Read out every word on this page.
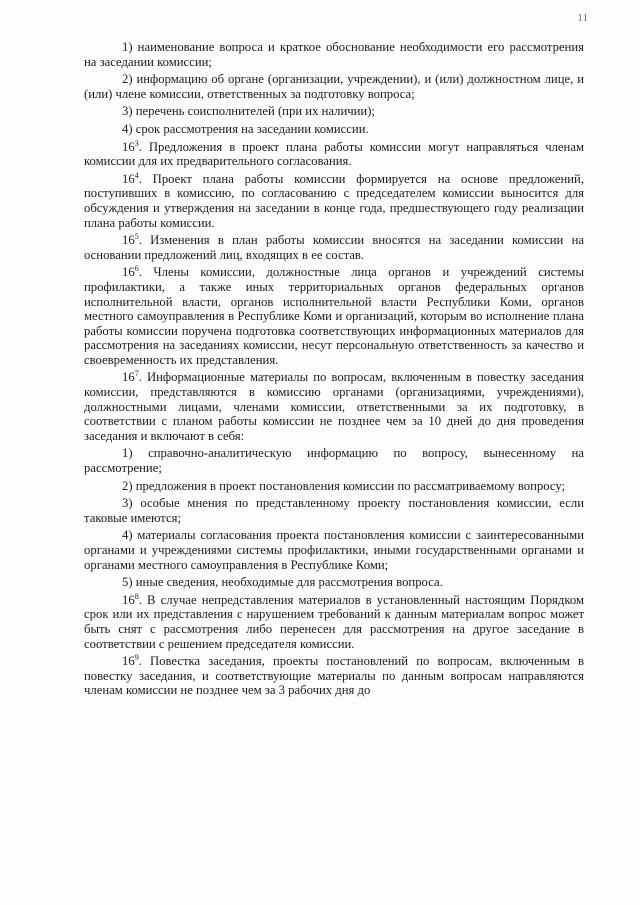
11

1) наименование вопроса и краткое обоснование необходимости его рассмотрения на заседании комиссии;

2) информацию об органе (организации, учреждении), и (или) должностном лице, и (или) члене комиссии, ответственных за подготовку вопроса;

3) перечень соисполнителей (при их наличии);

4) срок рассмотрения на заседании комиссии.

$16^3$. Предложения в проект плана работы комиссии могут направляться членам комиссии для их предварительного согласования.

$16^4$. Проект плана работы комиссии формируется на основе предложений, поступивших в комиссию, по согласованию с председателем комиссии выносится для обсуждения и утверждения на заседании в конце года, предшествующего году реализации плана работы комиссии.

$16^5$. Изменения в план работы комиссии вносятся на заседании комиссии на основании предложений лиц, входящих в ее состав.

$16^6$. Члены комиссии, должностные лица органов и учреждений системы профилактики, а также иных территориальных органов федеральных органов исполнительной власти, органов исполнительной власти Республики Коми, органов местного самоуправления в Республике Коми и организаций, которым во исполнение плана работы комиссии поручена подготовка соответствующих информационных материалов для рассмотрения на заседаниях комиссии, несут персональную ответственность за качество и своевременность их представления.

$16^7$. Информационные материалы по вопросам, включенным в повестку заседания комиссии, представляются в комиссию органами (организациями, учреждениями), должностными лицами, членами комиссии, ответственными за их подготовку, в соответствии с планом работы комиссии не позднее чем за 10 дней до дня проведения заседания и включают в себя:

1) справочно-аналитическую информацию по вопросу, вынесенному на рассмотрение;

2) предложения в проект постановления комиссии по рассматриваемому вопросу;

3) особые мнения по представленному проекту постановления комиссии, если таковые имеются;

4) материалы согласования проекта постановления комиссии с заинтересованными органами и учреждениями системы профилактики, иными государственными органами и органами местного самоуправления в Республике Коми;

5) иные сведения, необходимые для рассмотрения вопроса.

$16^8$. В случае непредставления материалов в установленный настоящим Порядком срок или их представления с нарушением требований к данным материалам вопрос может быть снят с рассмотрения либо перенесен для рассмотрения на другое заседание в соответствии с решением председателя комиссии.

$16^9$. Повестка заседания, проекты постановлений по вопросам, включенным в повестку заседания, и соответствующие материалы по данным вопросам направляются членам комиссии не позднее чем за 3 рабочих дня до
